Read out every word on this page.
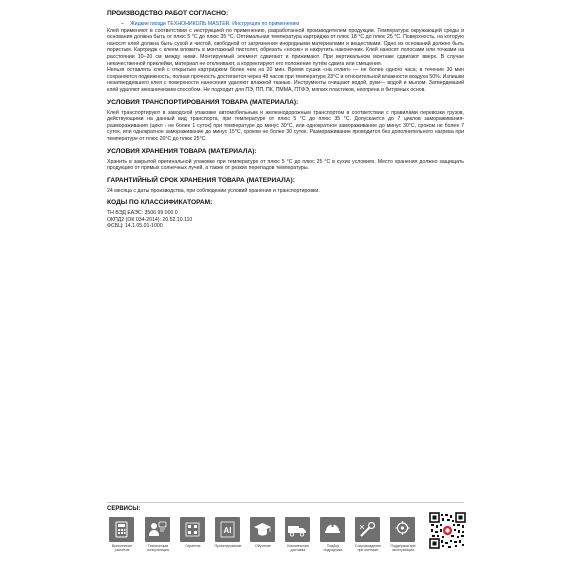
ПРОИЗВОДСТВО РАБОТ СОГЛАСНО:
– Жидкие гвозди ТЕХНОНИКОЛЬ MASTER. Инструкция по применению
Клей применяют в соответствии с инструкцией по применению, разработанной производителем продукции. Температура окружающей среды и основания должна быть от плюс 5 °С до плюс 35 °С. Оптимальная температура картриджа от плюс 18 °С до плюс 25 °С. Поверхность, на которую наносят клей должна быть сухой и чистой, свободной от загрязнения инородными материалами и веществами. Одно из оснований должно быть пористым. Картридж с клеем вложить в монтажный пистолет, обрезать «носик» и накрутить наконечник. Клей наносят полосами или точками на расстоянии 10–20 см между ними. Монтируемый элемент сдвигают и прижимают. При вертикальном монтаже сдвигают вверх. В случае некачественной приклейки, материал не отклеивают, а корректируют его положение путём сдвига или смещения.
Нельзя оставлять клей с открытым картриджем более чем на 20 мин. Время сушки «на отлип» — не более одного часа; в течение 30 мин сохраняется подвижность; полная прочность достигается через 48 часов при температуре 23°С и относительной влажности воздуха 50%. Излишки незатвердевшего клея с поверхности нанесения удаляют влажной тканью. Инструменты очищают водой, руки— водой и мылом. Затвердевший клей удаляют механическим способом. Не подходит для ПЭ, ПП, ПК, ПММА, ПТФЭ, мягких пластиков, неопрена и битумных основ.
УСЛОВИЯ ТРАНСПОРТИРОВАНИЯ ТОВАРА (МАТЕРИАЛА):
Клей транспортируют в заводской упаковке автомобильным и железнодорожным транспортом в соответствии с правилами перевозки грузов, действующими на данный вид транспорта, при температуре от плюс 5 °С до плюс 35 °С. Допускается до 7 циклов замораживания-размораживания (цикл - не более 1 суток) при температуре до минус 30°С, или однократное замораживание до минус 30°С, сроком не более 7 суток, или однократное замораживание до минус 15°С, сроком не более 30 суток. Размораживание проводится без дополнительного нагрева при температуре от плюс 20°С до плюс 25°С.
УСЛОВИЯ ХРАНЕНИЯ ТОВАРА (МАТЕРИАЛА):
Хранить в закрытой оригинальной упаковке при температуре от плюс 5 °С до плюс 25 °С в сухих условиях. Место хранения должно защищать продукцию от прямых солнечных лучей, а также от резких перепадов температуры.
ГАРАНТИЙНЫЙ СРОК ХРАНЕНИЯ ТОВАРА (МАТЕРИАЛА):
24 месяца с даты производства, при соблюдении условий хранения и транспортировки.
КОДЫ ПО КЛАССИФИКАТОРАМ:
ТН ВЭД ЕАЭС: 3506 99 000 0
ОКПД2 (ОК 034-2014): 20.52.10.110
ФСБЦ: 14.1.05.01-1000
СЕРВИСЫ:
Выполнение расчетов
Техническая консультация
Гарантия
AI
Проектирование	Обучение	Комплексная доставка
Подбор подрядчика
Сопровождение при монтаже
Поддержка при эксплуатации
